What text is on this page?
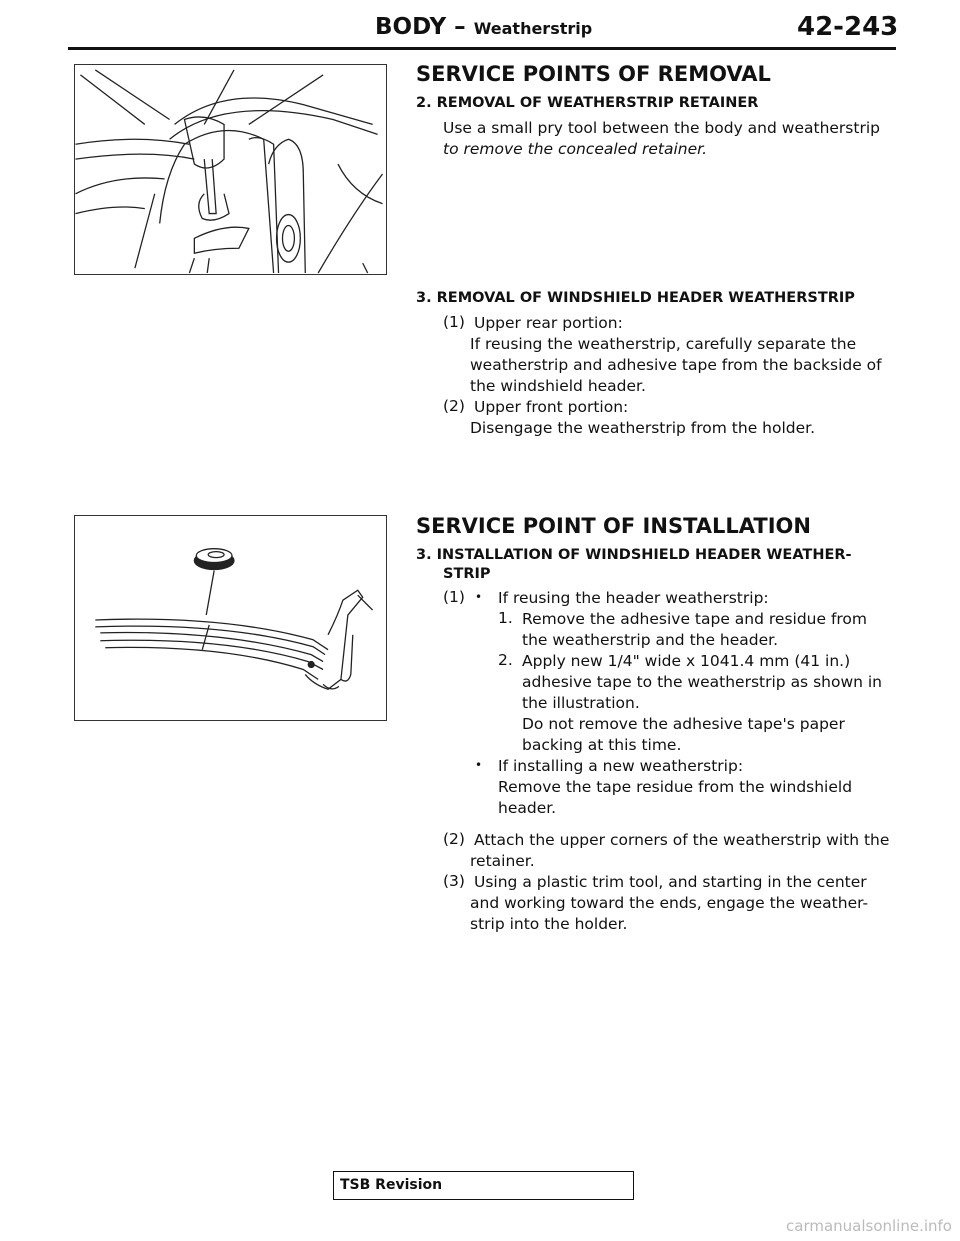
BODY – Weatherstrip	42-243
SERVICE POINTS OF REMOVAL
2. REMOVAL OF WEATHERSTRIP RETAINER
Use a small pry tool between the body and weatherstrip
to remove the concealed retainer.
3. REMOVAL OF WINDSHIELD HEADER WEATHERSTRIP
(1) Upper rear portion:
If reusing the weatherstrip, carefully separate the
weatherstrip and adhesive tape from the backside of
the windshield header.
(2) Upper front portion:
Disengage the weatherstrip from the holder.
SERVICE POINT OF INSTALLATION
3. INSTALLATION OF WINDSHIELD HEADER WEATHER-
STRIP
(1) • If reusing the header weatherstrip:
1. Remove the adhesive tape and residue from
the weatherstrip and the header.
2. Apply new 1/4" wide x 1041.4 mm (41 in.)
adhesive tape to the weatherstrip as shown in
the illustration.
Do not remove the adhesive tape's paper
backing at this time.
• If installing a new weatherstrip:
Remove the tape residue from the windshield
header.
(2) Attach the upper corners of the weatherstrip with the
retainer.
(3) Using a plastic trim tool, and starting in the center
and working toward the ends, engage the weather-
strip into the holder.
TSB Revision
carmanualsonline.info
